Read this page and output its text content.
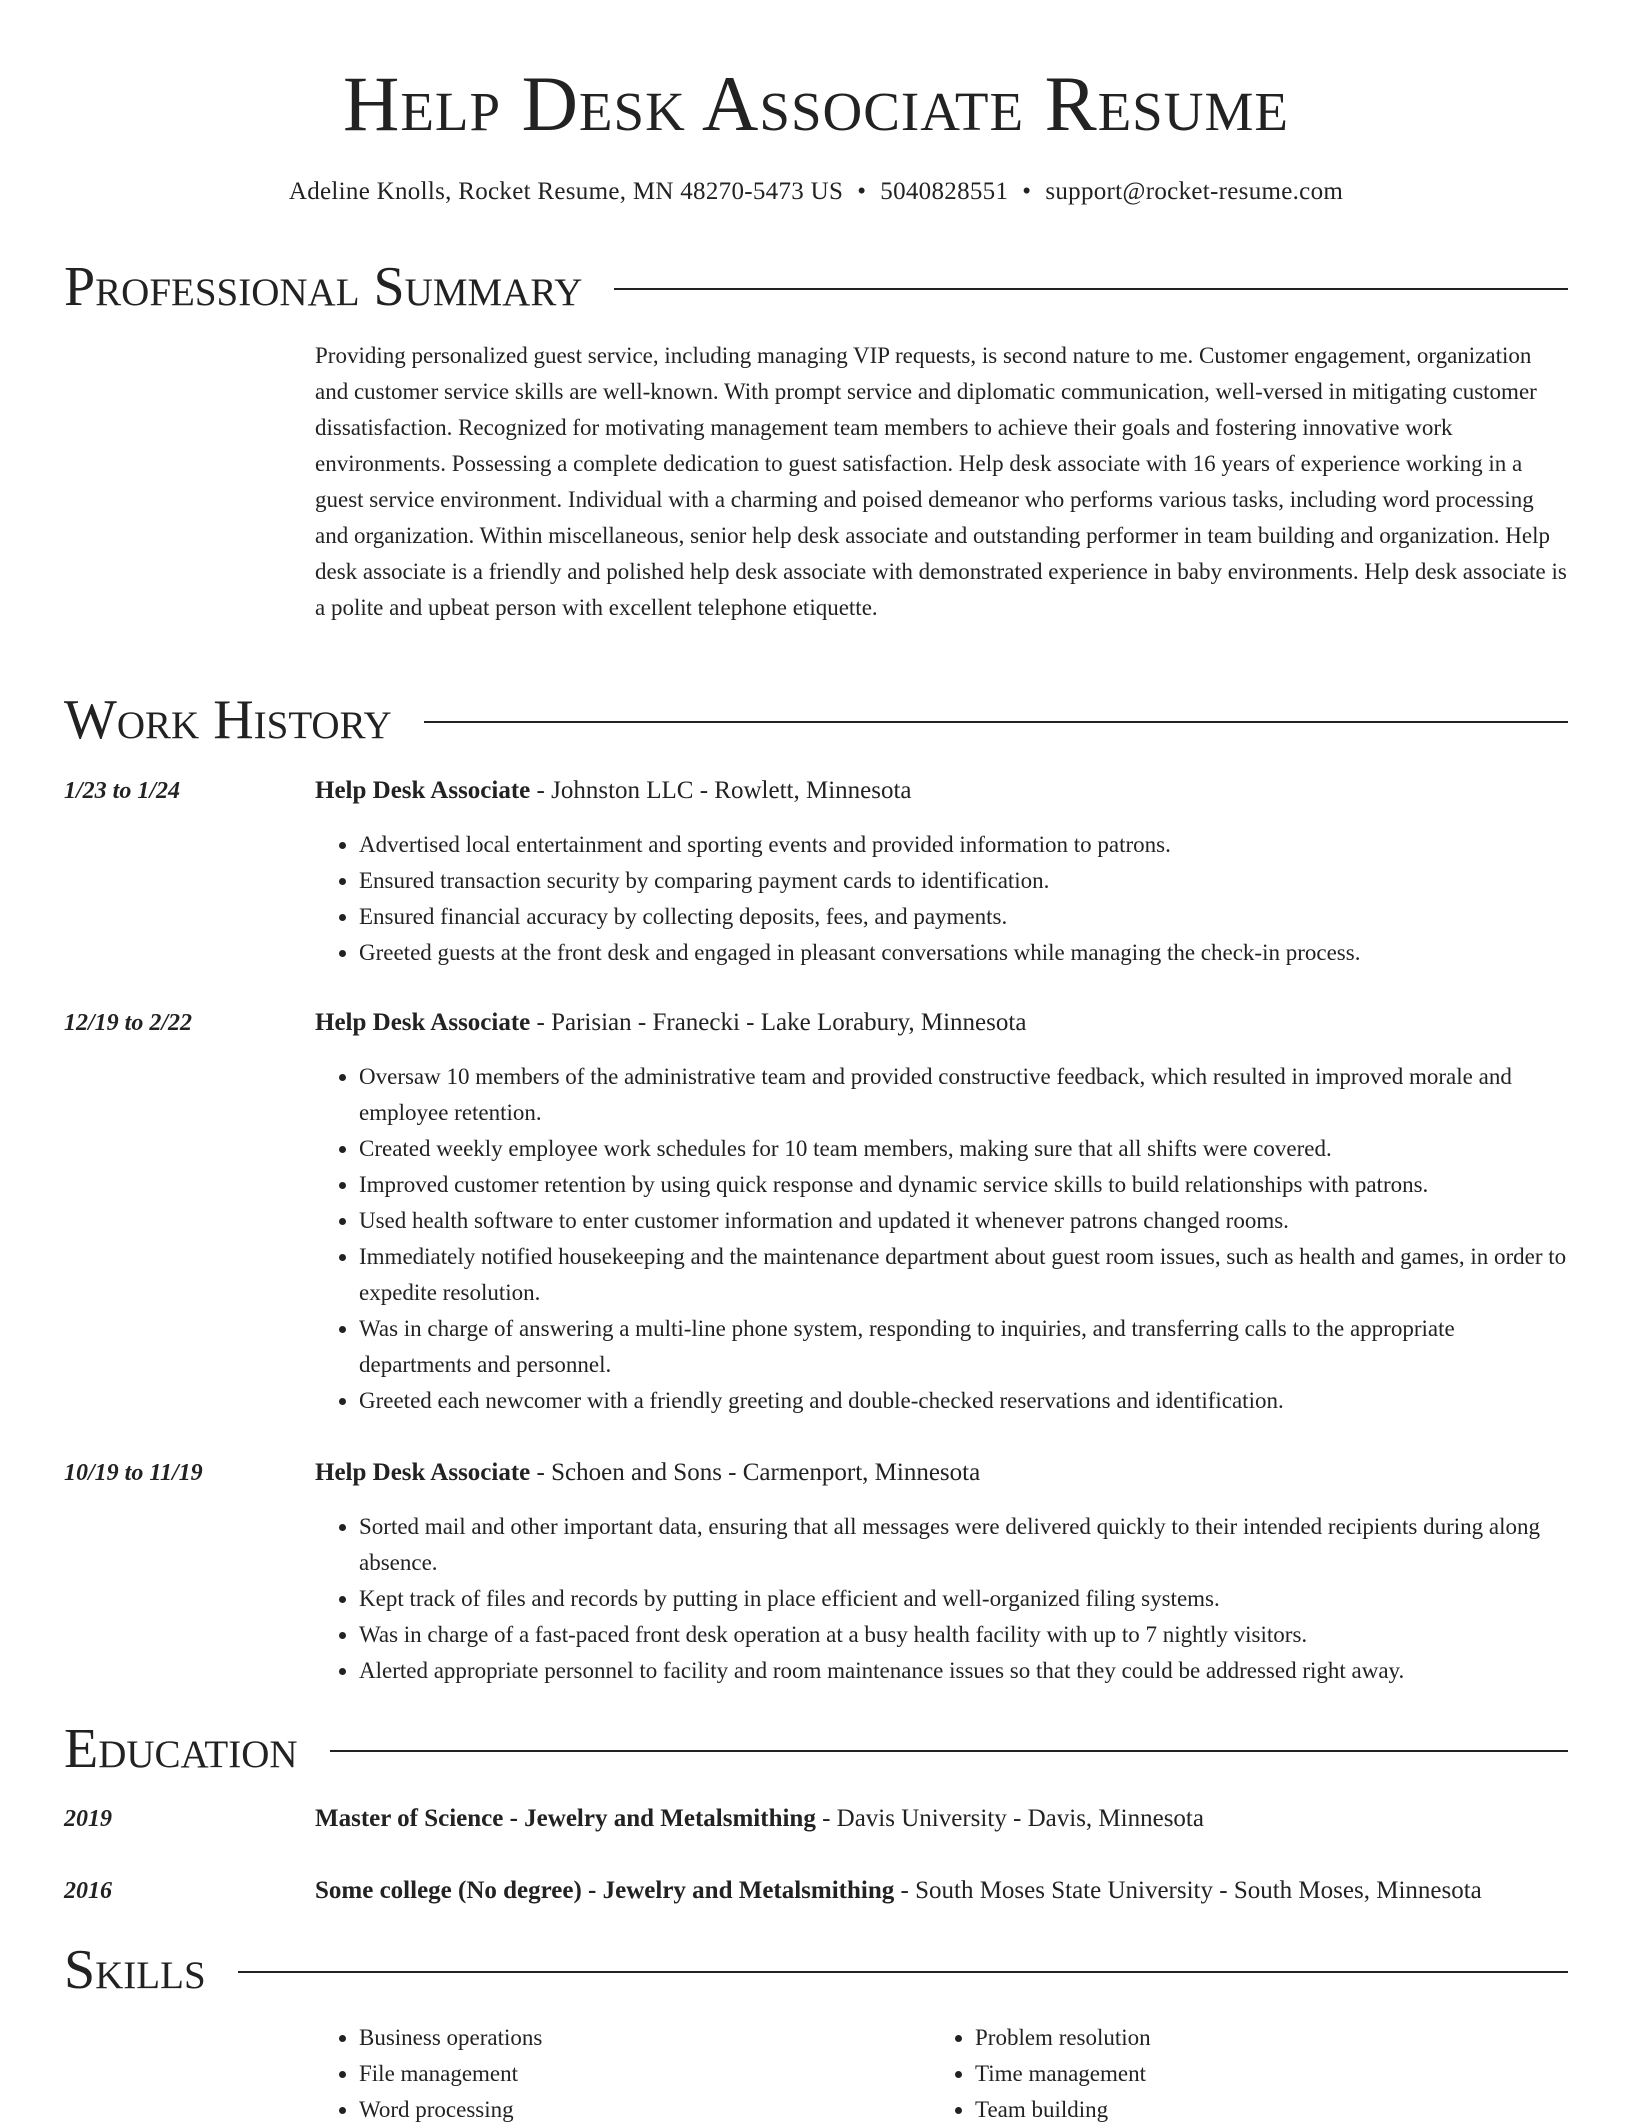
Help Desk Associate Resume
Adeline Knolls, Rocket Resume, MN 48270-5473 US • 5040828551 • support@rocket-resume.com
Professional Summary

Providing personalized guest service, including managing VIP requests, is second nature to me. Customer engagement, organization and customer service skills are well-known. With prompt service and diplomatic communication, well-versed in mitigating customer dissatisfaction. Recognized for motivating management team members to achieve their goals and fostering innovative work environments. Possessing a complete dedication to guest satisfaction. Help desk associate with 16 years of experience working in a guest service environment. Individual with a charming and poised demeanor who performs various tasks, including word processing and organization. Within miscellaneous, senior help desk associate and outstanding performer in team building and organization. Help desk associate is a friendly and polished help desk associate with demonstrated experience in baby environments. Help desk associate is a polite and upbeat person with excellent telephone etiquette.

Work History
1/23 to 1/24	Help Desk Associate - Johnston LLC - Rowlett, Minnesota
• Advertised local entertainment and sporting events and provided information to patrons.
• Ensured transaction security by comparing payment cards to identification.
• Ensured financial accuracy by collecting deposits, fees, and payments.
• Greeted guests at the front desk and engaged in pleasant conversations while managing the check-in process.
12/19 to 2/22	Help Desk Associate - Parisian - Franecki - Lake Lorabury, Minnesota
• Oversaw 10 members of the administrative team and provided constructive feedback, which resulted in improved morale and employee retention.
• Created weekly employee work schedules for 10 team members, making sure that all shifts were covered.
• Improved customer retention by using quick response and dynamic service skills to build relationships with patrons.
• Used health software to enter customer information and updated it whenever patrons changed rooms.
• Immediately notified housekeeping and the maintenance department about guest room issues, such as health and games, in order to expedite resolution.
• Was in charge of answering a multi-line phone system, responding to inquiries, and transferring calls to the appropriate departments and personnel.
• Greeted each newcomer with a friendly greeting and double-checked reservations and identification.
10/19 to 11/19	Help Desk Associate - Schoen and Sons - Carmenport, Minnesota
• Sorted mail and other important data, ensuring that all messages were delivered quickly to their intended recipients during along absence.
• Kept track of files and records by putting in place efficient and well-organized filing systems.
• Was in charge of a fast-paced front desk operation at a busy health facility with up to 7 nightly visitors.
• Alerted appropriate personnel to facility and room maintenance issues so that they could be addressed right away.
Education
2019	Master of Science - Jewelry and Metalsmithing - Davis University - Davis, Minnesota
2016	Some college (No degree) - Jewelry and Metalsmithing - South Moses State University - South Moses, Minnesota
Skills
• Business operations
• File management
• Word processing
• Problem resolution
• Time management
• Team building
